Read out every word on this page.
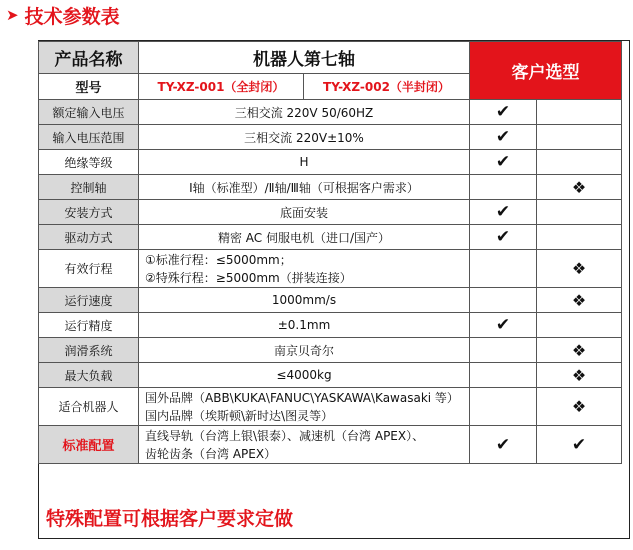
➤ 技术参数表
产品名称	机器人第七轴		客户选型	
型号	TY-XZ-001（全封闭）	TY-XZ-002（半封闭）		
额定输入电压	三相交流 220V 50/60HZ		✔	
输入电压范围	三相交流 220V±10%		✔	
绝缘等级	H		✔	
控制轴	Ⅰ轴（标准型）/Ⅱ轴/Ⅲ轴（可根据客户需求）			❖
安装方式	底面安装		✔	
驱动方式	精密 AC 伺服电机（进口/国产）		✔	
有效行程	①标准行程：≤5000mm；
②特殊行程：≥5000mm（拼装连接）			❖
运行速度	1000mm/s			❖
运行精度	±0.1mm		✔	
润滑系统	南京贝奇尔			❖
最大负载	≤4000kg			❖
适合机器人	国外品牌（ABB\KUKA\FANUC\YASKAWA\Kawasaki 等）
国内品牌（埃斯顿\新时达\图灵等）			❖
标准配置	直线导轨（台湾上银\银泰）、减速机（台湾 APEX）、
齿轮齿条（台湾 APEX）		✔	✔
特殊配置可根据客户要求定做
